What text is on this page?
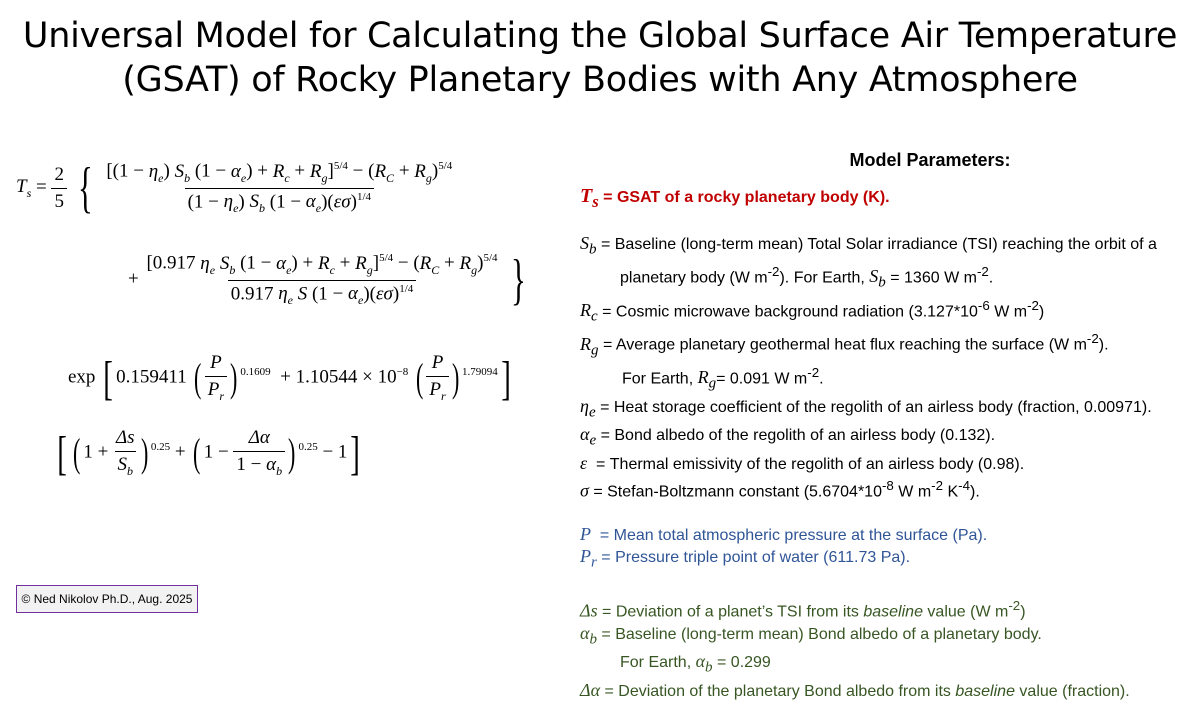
Universal Model for Calculating the Global Surface Air Temperature
(GSAT) of Rocky Planetary Bodies with Any Atmosphere
$T_s = \frac{2}{5}$ { $\frac{[(1 - \eta_e) S_b (1 - \alpha_e) + R_c + R_g]^{5/4} - (R_C + R_g)^{5/4}}{(1 - \eta_e) S_b (1 - \alpha_e)(\varepsilon\sigma)^{1/4}}$
+ $\frac{[0.917 \eta_e S_b (1 - \alpha_e) + R_c + R_g]^{5/4} - (R_C + R_g)^{5/4}}{0.917 \eta_e S (1 - \alpha_e)(\varepsilon\sigma)^{1/4}}$ }
exp [ 0.159411 ( $\frac{P}{P_r}$ ) $^{0.1609} + 1.10544 \times 10^{-8}$ ( $\frac{P}{P_r}$ ) $^{1.79094}$]
[ ( $1 + \frac{\Delta s}{S_b}$ ) $^{0.25}$ + ( $1 - \frac{\Delta\alpha}{1 - \alpha_b}$ ) $^{0.25}$ − 1]
Model Parameters:
$T_s$ = GSAT of a rocky planetary body (K).
$S_b$ = Baseline (long-term mean) Total Solar irradiance (TSI) reaching the orbit of a
planetary body (W $m^{-2}$). For Earth, $S_b = 1360$ W $m^{-2}$.
$R_c$ = Cosmic microwave background radiation ($3.127*10^{-6}$ W $m^{-2}$)
$R_g$ = Average planetary geothermal heat flux reaching the surface (W $m^{-2}$).
For Earth, $R_g= 0.091$ W $m^{-2}$.
$\eta_e$ = Heat storage coefficient of the regolith of an airless body (fraction, 0.00971).
$\alpha_e$ = Bond albedo of the regolith of an airless body (0.132).
ε = Thermal emissivity of the regolith of an airless body (0.98).
σ = Stefan-Boltzmann constant ($5.6704*10^{-8}$ W $m^{-2}$ $K^{-4}$).
P = Mean total atmospheric pressure at the surface (Pa).
$P_r$ = Pressure triple point of water (611.73 Pa).
Δs = Deviation of a planet’s TSI from its baseline value (W $m^{-2}$)
$\alpha_b$ = Baseline (long-term mean) Bond albedo of a planetary body.
For Earth, $\alpha_b = 0.299$
Δα = Deviation of the planetary Bond albedo from its baseline value (fraction).
© Ned Nikolov Ph.D., Aug. 2025
